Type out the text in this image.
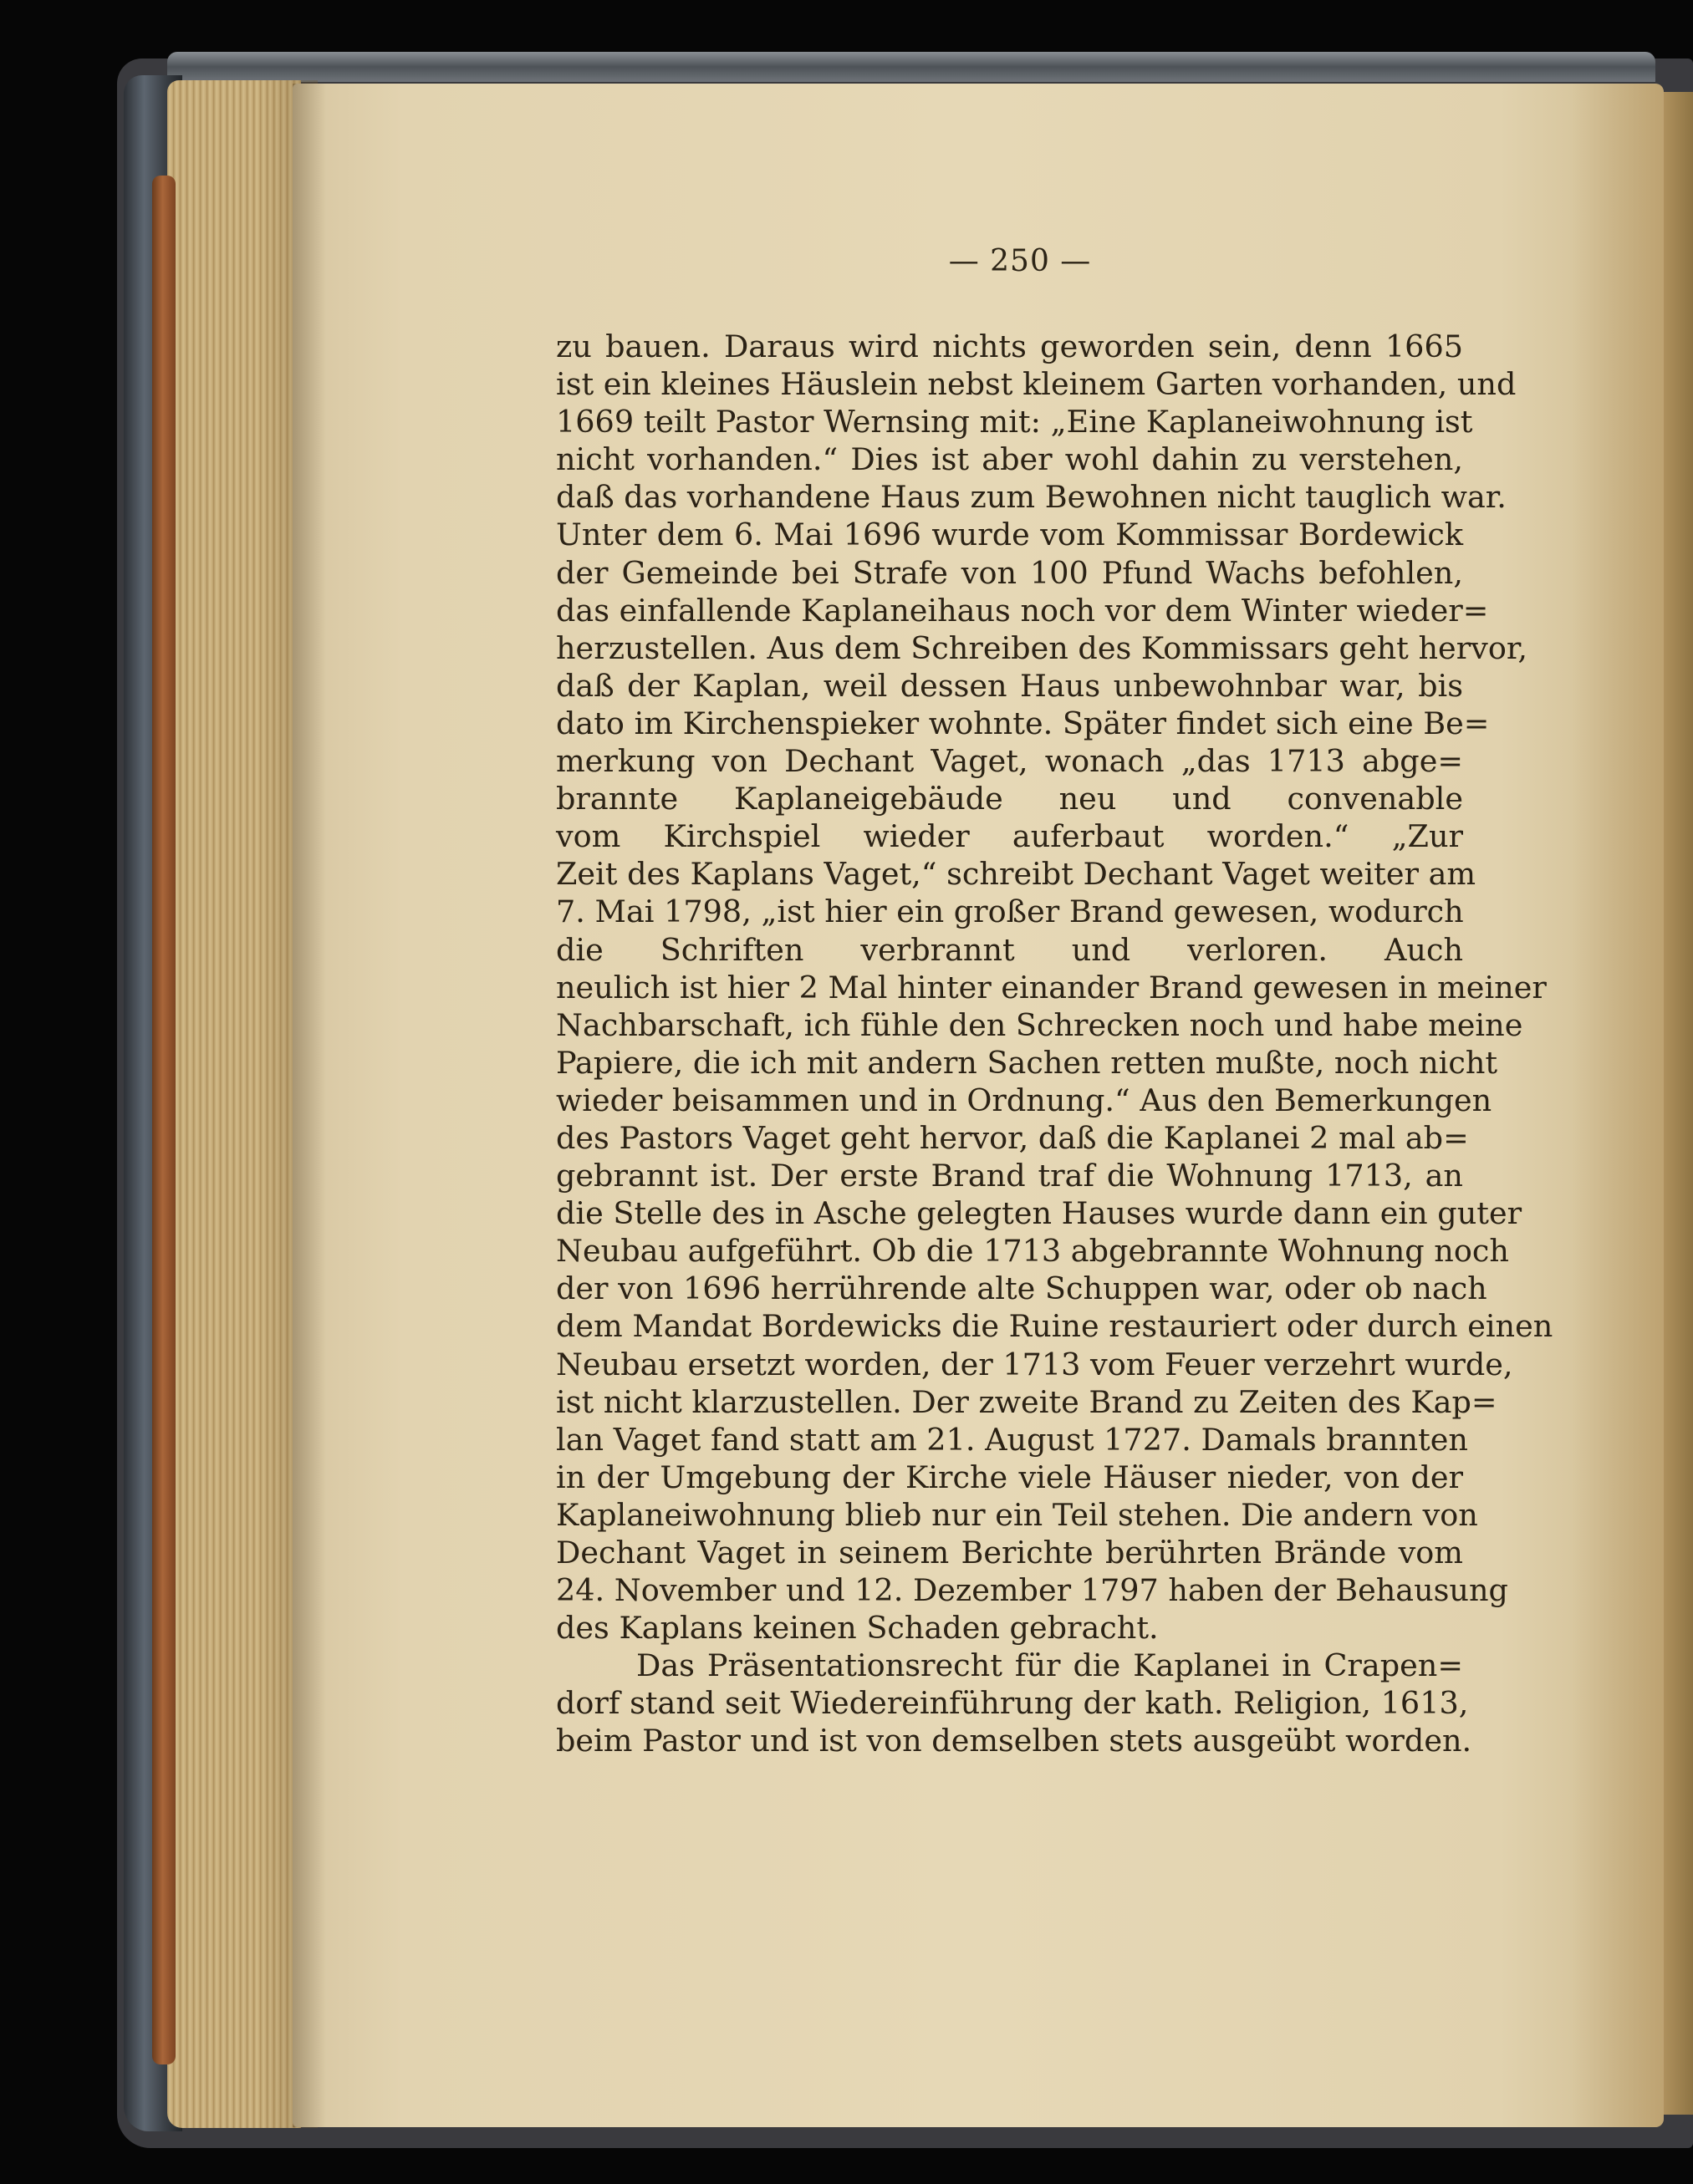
— 250 —
zu bauen. Daraus wird nichts geworden sein, denn 1665
ist ein kleines Häuslein nebst kleinem Garten vorhanden, und
1669 teilt Pastor Wernsing mit: „Eine Kaplaneiwohnung ist
nicht vorhanden.“ Dies ist aber wohl dahin zu verstehen,
daß das vorhandene Haus zum Bewohnen nicht tauglich war.
Unter dem 6. Mai 1696 wurde vom Kommissar Bordewick
der Gemeinde bei Strafe von 100 Pfund Wachs befohlen,
das einfallende Kaplaneihaus noch vor dem Winter wieder=
herzustellen. Aus dem Schreiben des Kommissars geht hervor,
daß der Kaplan, weil dessen Haus unbewohnbar war, bis
dato im Kirchenspieker wohnte. Später findet sich eine Be=
merkung von Dechant Vaget, wonach „das 1713 abge=
brannte Kaplaneigebäude neu und convenable
vom Kirchspiel wieder auferbaut worden.“ „Zur
Zeit des Kaplans Vaget,“ schreibt Dechant Vaget weiter am
7. Mai 1798, „ist hier ein großer Brand gewesen, wodurch
die Schriften verbrannt und verloren. Auch
neulich ist hier 2 Mal hinter einander Brand gewesen in meiner
Nachbarschaft, ich fühle den Schrecken noch und habe meine
Papiere, die ich mit andern Sachen retten mußte, noch nicht
wieder beisammen und in Ordnung.“ Aus den Bemerkungen
des Pastors Vaget geht hervor, daß die Kaplanei 2 mal ab=
gebrannt ist. Der erste Brand traf die Wohnung 1713, an
die Stelle des in Asche gelegten Hauses wurde dann ein guter
Neubau aufgeführt. Ob die 1713 abgebrannte Wohnung noch
der von 1696 herrührende alte Schuppen war, oder ob nach
dem Mandat Bordewicks die Ruine restauriert oder durch einen
Neubau ersetzt worden, der 1713 vom Feuer verzehrt wurde,
ist nicht klarzustellen. Der zweite Brand zu Zeiten des Kap=
lan Vaget fand statt am 21. August 1727. Damals brannten
in der Umgebung der Kirche viele Häuser nieder, von der
Kaplaneiwohnung blieb nur ein Teil stehen. Die andern von
Dechant Vaget in seinem Berichte berührten Brände vom
24. November und 12. Dezember 1797 haben der Behausung
des Kaplans keinen Schaden gebracht.
Das Präsentationsrecht für die Kaplanei in Crapen=
dorf stand seit Wiedereinführung der kath. Religion, 1613,
beim Pastor und ist von demselben stets ausgeübt worden.
